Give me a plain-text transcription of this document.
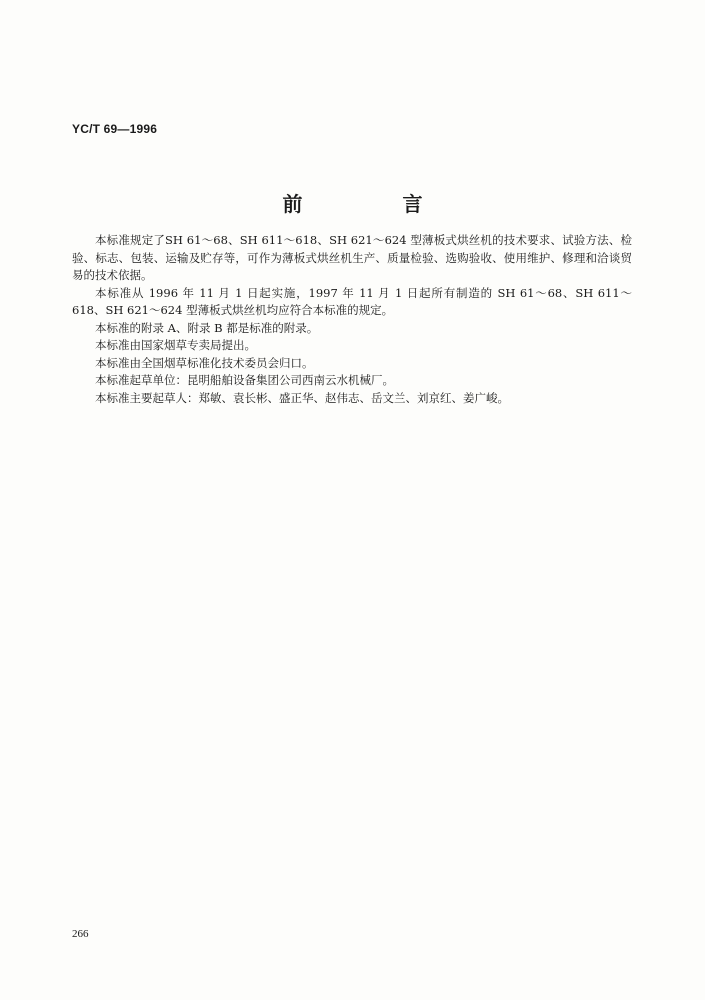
YC/T 69—1996
前　言

本标准规定了SH 61～68、SH 611～618、SH 621～624 型薄板式烘丝机的技术要求、试验方法、检验、标志、包装、运输及贮存等，可作为薄板式烘丝机生产、质量检验、选购验收、使用维护、修理和洽谈贸易的技术依据。

本标准从 1996 年 11 月 1 日起实施，1997 年 11 月 1 日起所有制造的 SH 61～68、SH 611～618、SH 621～624 型薄板式烘丝机均应符合本标准的规定。

本标准的附录 A、附录 B 都是标准的附录。

本标准由国家烟草专卖局提出。

本标准由全国烟草标准化技术委员会归口。

本标准起草单位：昆明船舶设备集团公司西南云水机械厂。

本标准主要起草人：郑敏、袁长彬、盛正华、赵伟志、岳文兰、刘京红、姜广峻。

266
